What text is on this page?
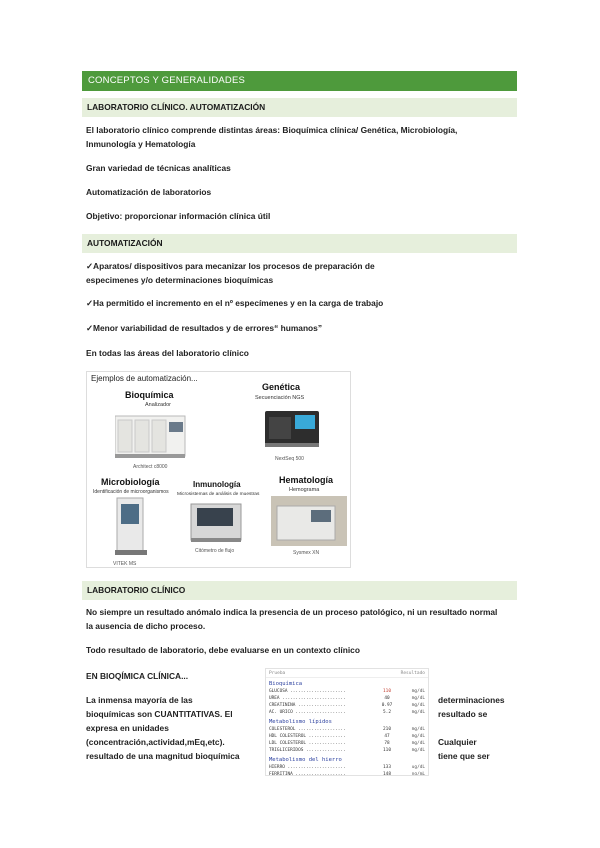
CONCEPTOS Y GENERALIDADES
LABORATORIO CLÍNICO. AUTOMATIZACIÓN
El laboratorio clínico comprende distintas áreas: Bioquímica clínica/ Genética, Microbiología,
Inmunología y Hematología
Gran variedad de técnicas analíticas
Automatización de laboratorios
Objetivo: proporcionar información clínica útil
AUTOMATIZACIÓN
✓Aparatos/ dispositivos para mecanizar los procesos de preparación de
especimenes y/o determinaciones bioquímicas
✓Ha permitido el incremento en el nº especímenes y en la carga de trabajo
✓Menor variabilidad de resultados y de errores“ humanos”
En todas las áreas del laboratorio clínico
Ejemplos de automatización...
Bioquímica
Analizador
Architect c8000
Genética
Secuenciación NGS
NextSeq 500
Microbiología
Identificación de microorganismos
VITEK MS
Inmunología
Microsistemas de análisis de muestras
Citómetro de flujo
Hematología
Hemograma
Sysmex XN
LABORATORIO CLÍNICO
No siempre un resultado anómalo indica la presencia de un proceso patológico, ni un resultado normal
la ausencia de dicho proceso.
Todo resultado de laboratorio, debe evaluarse en un contexto clínico
EN BIOQÍMICA CLÍNICA...
La inmensa mayoría de las
bioquímicas son CUANTITATIVAS. El
expresa en unidades
(concentración,actividad,mEq,etc).
resultado de una magnitud bioquímica
determinaciones
resultado se
Cualquier
tiene que ser
Prueba	Resultado
Bioquímica
GLUCOSA .....................	110	mg/dL
UREA ........................	40	mg/dL
CREATININA ..................	0.97	mg/dL
AC. URICO ...................	5.2	mg/dL
Metabolismo lípidos
COLESTEROL ..................	210	mg/dL
HDL COLESTEROL ..............	47	mg/dL
LDL COLESTEROL ..............	78	mg/dL
TRIGLICERIDOS ...............	110	mg/dL
Metabolismo del hierro
HIERRO ......................	133	ug/dL
FERRITINA ...................	148	ng/mL
